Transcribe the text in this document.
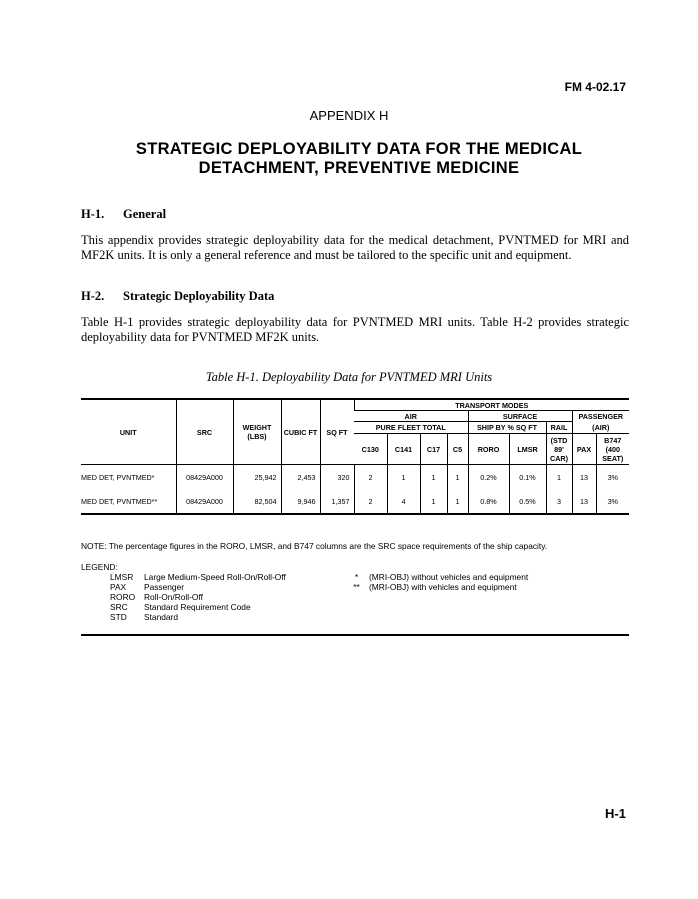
FM 4-02.17
APPENDIX H
STRATEGIC DEPLOYABILITY DATA FOR THE MEDICAL
DETACHMENT, PREVENTIVE MEDICINE
H-1. General
This appendix provides strategic deployability data for the medical detachment, PVNTMED for MRI and MF2K units. It is only a general reference and must be tailored to the specific unit and equipment.
H-2. Strategic Deployability Data
Table H-1 provides strategic deployability data for PVNTMED MRI units. Table H-2 provides strategic deployability data for PVNTMED MF2K units.
Table H-1. Deployability Data for PVNTMED MRI Units
UNIT	SRC	WEIGHT (LBS)	CUBIC FT	SQ FT	TRANSPORT MODES								
					AIR				SURFACE			PASSENGER	
					PURE FLEET TOTAL				SHIP BY % SQ FT		RAIL	(AIR)	
					C130	C141	C17	C5	RORO	LMSR	(STD 89' CAR)	PAX	B747 (400 SEAT)
MED DET, PVNTMED*	08429A000	25,942	2,453	320	2	1	1	1	0.2%	0.1%	1	13	3%
MED DET, PVNTMED**	08429A000	82,504	9,946	1,357	2	4	1	1	0.8%	0.5%	3	13	3%
NOTE: The percentage figures in the RORO, LMSR, and B747 columns are the SRC space requirements of the ship capacity.
LEGEND:
LMSR	Large Medium-Speed Roll-On/Roll-Off
PAX	Passenger
RORO	Roll-On/Roll-Off
SRC	Standard Requirement Code
STD	Standard
*	(MRI-OBJ) without vehicles and equipment
**	(MRI-OBJ) with vehicles and equipment
H-1
